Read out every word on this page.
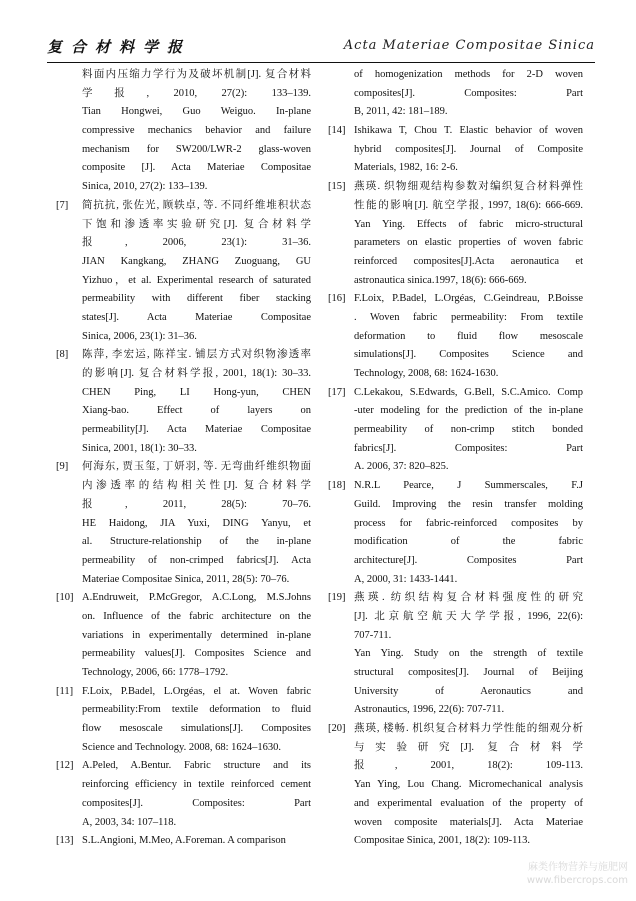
复合材料学报	Acta Materiae Compositae Sinica
料面内压缩力学行为及破坏机制[J]. 复合材料
学报, 2010, 27(2): 133–139.
Tian Hongwei, Guo Weiguo. In-plane
compressive mechanics behavior and failure
mechanism for SW200/LWR-2 glass-woven
composite [J]. Acta Materiae Compositae
Sinica, 2010, 27(2): 133–139.
[7] 简抗抗, 张佐光, 顾轶卓, 等. 不同纤维堆积状态
下饱和渗透率实验研究[J]. 复合材料学
报, 2006, 23(1): 31–36.
JIAN Kangkang, ZHANG Zuoguang, GU
Yizhuo，et al. Experimental research of saturated
permeability with different fiber stacking
states[J]. Acta Materiae Compositae
Sinica, 2006, 23(1): 31–36.
[8] 陈萍, 李宏运, 陈祥宝. 铺层方式对织物渗透率
的影响[J]. 复合材料学报, 2001, 18(1): 30–33.
CHEN Ping, LI Hong-yun, CHEN
Xiang-bao. Effect of layers on
permeability[J]. Acta Materiae Compositae
Sinica, 2001, 18(1): 30–33.
[9] 何海东, 贾玉玺, 丁妍羽, 等. 无弯曲纤维织物面
内渗透率的结构相关性[J]. 复合材料学
报, 2011, 28(5): 70–76.
HE Haidong, JIA Yuxi, DING Yanyu, et
al. Structure-relationship of the in-plane
permeability of non-crimped fabrics[J]. Acta
Materiae Compositae Sinica, 2011, 28(5): 70–76.
[10] A.Endruweit, P.McGregor, A.C.Long, M.S.Johns
on. Influence of the fabric architecture on the
variations in experimentally determined in-plane
permeability values[J]. Composites Science and
Technology, 2006, 66: 1778–1792.
[11] F.Loix, P.Badel, L.Orgéas, el at. Woven fabric
permeability:From textile deformation to fluid
flow mesoscale simulations[J]. Composites
Science and Technology. 2008, 68: 1624–1630.
[12] A.Peled, A.Bentur. Fabric structure and its
reinforcing efficiency in textile reinforced cement
composites[J]. Composites: Part
A, 2003, 34: 107–118.
[13] S.L.Angioni, M.Meo, A.Foreman. A comparison
of homogenization methods for 2-D woven
composites[J]. Composites: Part
B, 2011, 42: 181–189.
[14] Ishikawa T, Chou T. Elastic behavior of woven
hybrid composites[J]. Journal of Composite
Materials, 1982, 16: 2-6.
[15] 燕瑛. 织物细观结构参数对编织复合材料弹性
性能的影响[J]. 航空学报, 1997, 18(6): 666-669.
Yan Ying. Effects of fabric micro-structural
parameters on elastic properties of woven fabric
reinforced composites[J].Acta aeronautica et
astronautica sinica.1997, 18(6): 666-669.
[16] F.Loix, P.Badel, L.Orgéas, C.Geindreau, P.Boisse
. Woven fabric permeability: From textile
deformation to fluid flow mesoscale
simulations[J]. Composites Science and
Technology, 2008, 68: 1624-1630.
[17] C.Lekakou, S.Edwards, G.Bell, S.C.Amico. Comp
-uter modeling for the prediction of the in-plane
permeability of non-crimp stitch bonded
fabrics[J]. Composites: Part
A. 2006, 37: 820–825.
[18] N.R.L Pearce, J Summerscales, F.J
Guild. Improving the resin transfer molding
process for fabric-reinforced composites by
modification of the fabric
architecture[J]. Composites Part
A, 2000, 31: 1433-1441.
[19] 燕瑛. 纺织结构复合材料强度性的研究
[J]. 北京航空航天大学学报, 1996, 22(6):
707-711.
Yan Ying. Study on the strength of textile
structural composites[J]. Journal of Beijing
University of Aeronautics and
Astronautics, 1996, 22(6): 707-711.
[20] 燕瑛, 楼畅. 机织复合材料力学性能的细观分析
与实验研究[J]. 复合材料学
报, 2001, 18(2): 109-113.
Yan Ying, Lou Chang. Micromechanical analysis
and experimental evaluation of the property of
woven composite materials[J]. Acta Materiae
Compositae Sinica, 2001, 18(2): 109-113.
麻类作物营养与施肥网
www.fibercrops.com
